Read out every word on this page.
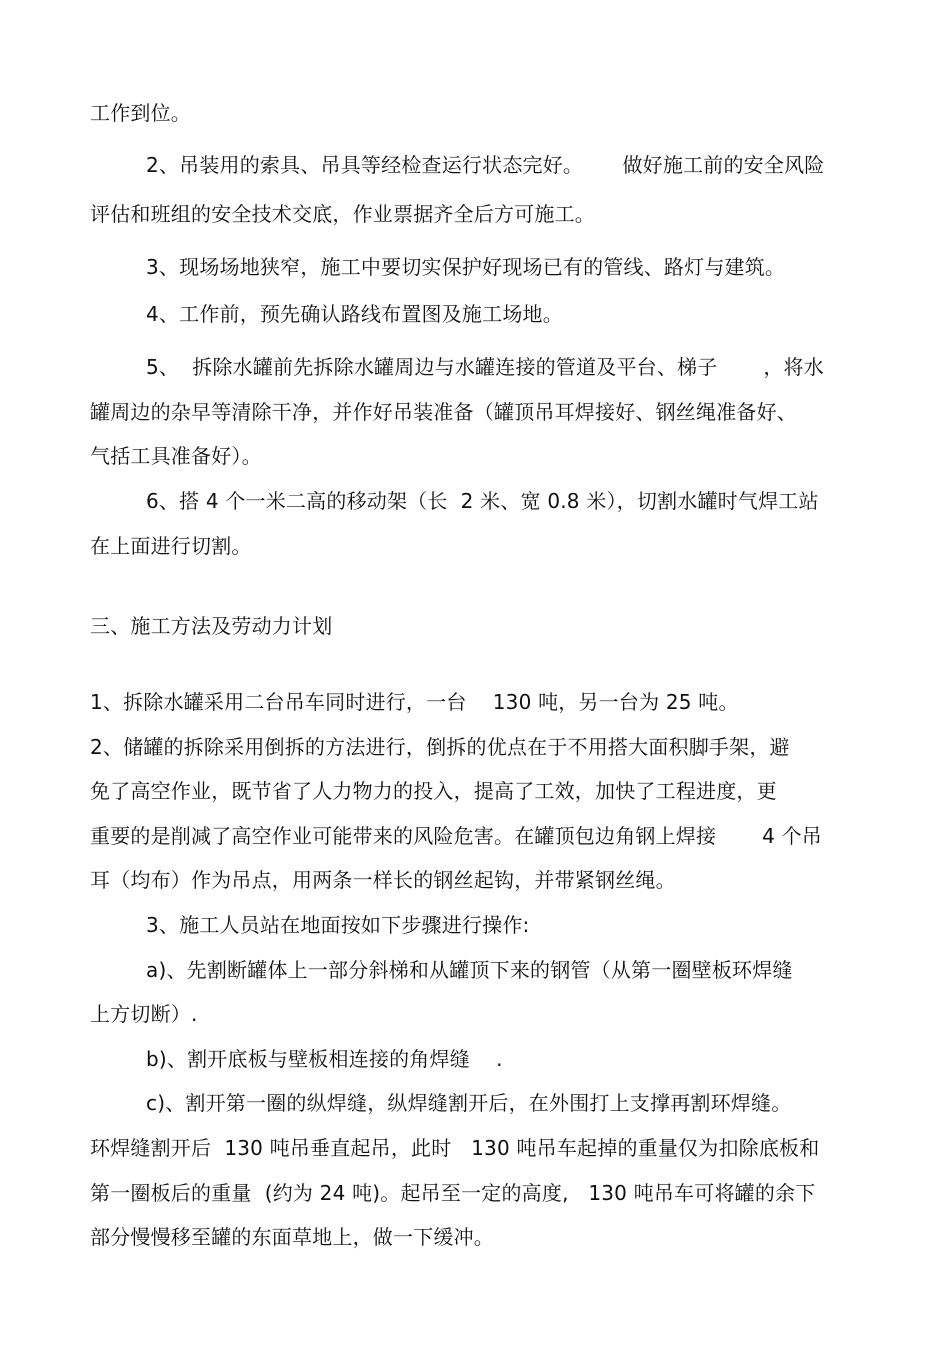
工作到位。
2、吊装用的索具、吊具等经检查运行状态完好。      做好施工前的安全风险
评估和班组的安全技术交底，作业票据齐全后方可施工。
3、现场场地狭窄，施工中要切实保护好现场已有的管线、路灯与建筑。
4、工作前，预先确认路线布置图及施工场地。
5、  拆除水罐前先拆除水罐周边与水罐连接的管道及平台、梯子       ，将水
罐周边的杂早等清除干净，并作好吊装准备（罐顶吊耳焊接好、钢丝绳准备好、
气括工具准备好）。
6、搭 4 个一米二高的移动架（长  2 米、宽 0.8 米），切割水罐时气焊工站
在上面进行切割。
三、施工方法及劳动力计划
1、拆除水罐采用二台吊车同时进行，一台    130 吨，另一台为 25 吨。
2、储罐的拆除采用倒拆的方法进行，倒拆的优点在于不用搭大面积脚手架，避
免了高空作业，既节省了人力物力的投入，提高了工效，加快了工程进度，更
重要的是削减了高空作业可能带来的风险危害。在罐顶包边角钢上焊接       4 个吊
耳（均布）作为吊点，用两条一样长的钢丝起钩，并带紧钢丝绳。
3、施工人员站在地面按如下步骤进行操作:
a)、先割断罐体上一部分斜梯和从罐顶下来的钢管（从第一圈壁板环焊缝
上方切断）.
b)、割开底板与壁板相连接的角焊缝    .
c)、割开第一圈的纵焊缝，纵焊缝割开后，在外围打上支撑再割环焊缝。
环焊缝割开后  130 吨吊垂直起吊，此时   130 吨吊车起掉的重量仅为扣除底板和
第一圈板后的重量  (约为 24 吨)。起吊至一定的高度,   130 吨吊车可将罐的余下
部分慢慢移至罐的东面草地上，做一下缓冲。
